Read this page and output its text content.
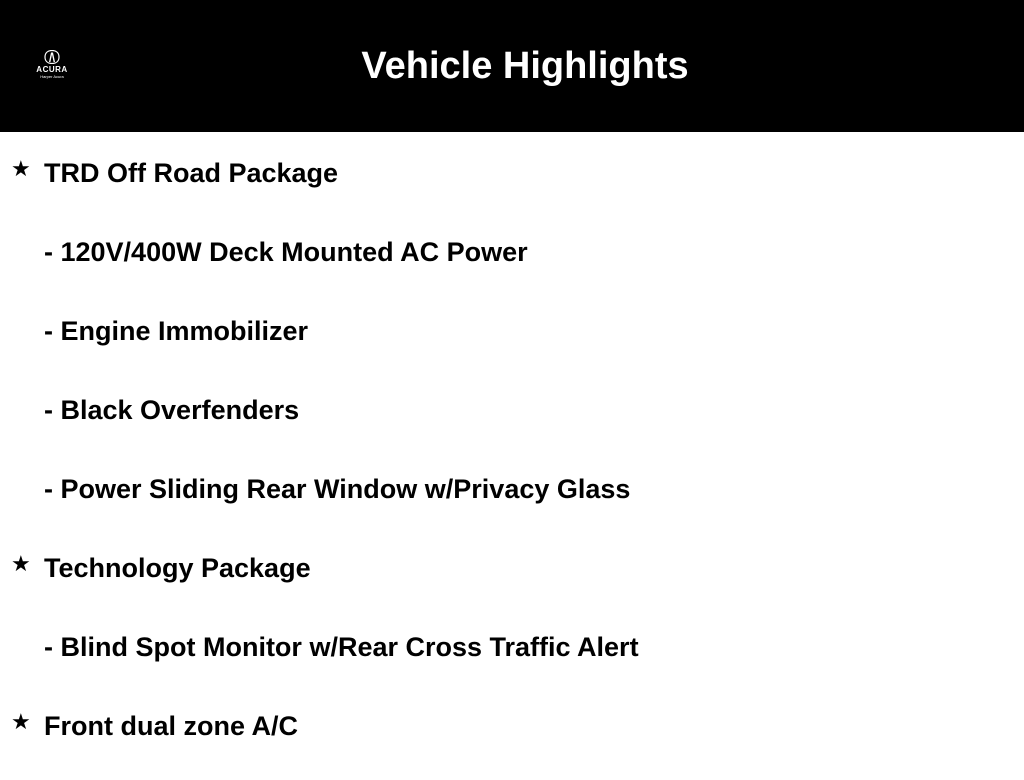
ACURA
Harper Acura	Vehicle Highlights
★ TRD Off Road Package
- 120V/400W Deck Mounted AC Power
- Engine Immobilizer
- Black Overfenders
- Power Sliding Rear Window w/Privacy Glass
★ Technology Package
- Blind Spot Monitor w/Rear Cross Traffic Alert
★ Front dual zone A/C
